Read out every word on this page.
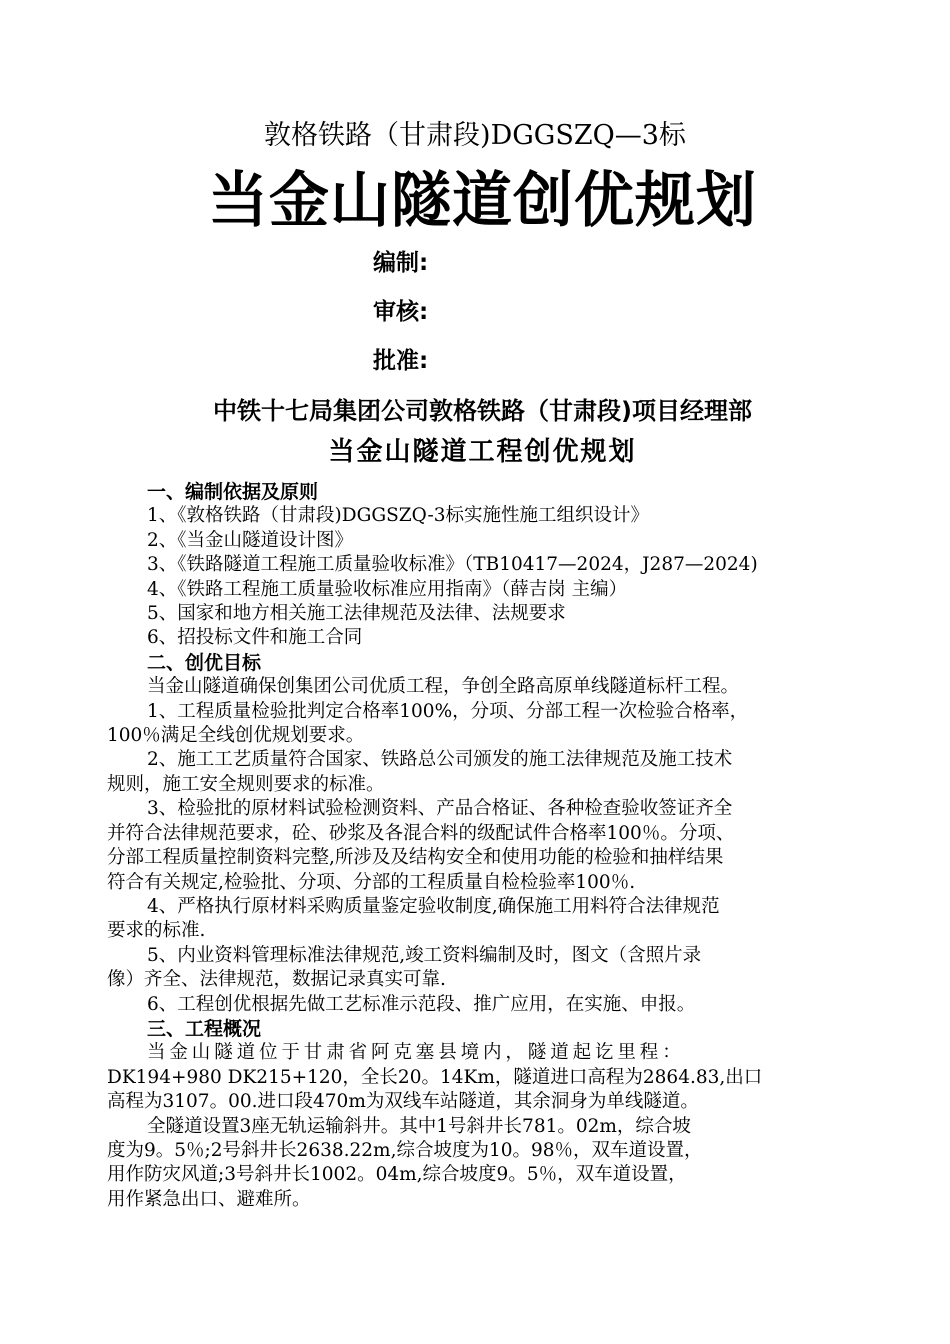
敦格铁路（甘肃段)DGGSZQ—3标
当金山隧道创优规划
编制:
审核:
批准:
中铁十七局集团公司敦格铁路（甘肃段)项目经理部
当金山隧道工程创优规划
一、编制依据及原则
1、《敦格铁路（甘肃段)DGGSZQ-3标实施性施工组织设计》
2、《当金山隧道设计图》
3、《铁路隧道工程施工质量验收标准》（TB10417—2024，J287—2024)
4、《铁路工程施工质量验收标准应用指南》（薛吉岗 主编）
5、国家和地方相关施工法律规范及法律、法规要求
6、招投标文件和施工合同
二、创优目标
当金山隧道确保创集团公司优质工程，争创全路高原单线隧道标杆工程。
1、工程质量检验批判定合格率100%，分项、分部工程一次检验合格率，
100％满足全线创优规划要求。
2、施工工艺质量符合国家、铁路总公司颁发的施工法律规范及施工技术
规则，施工安全规则要求的标准。
3、检验批的原材料试验检测资料、产品合格证、各种检查验收签证齐全
并符合法律规范要求，砼、砂浆及各混合料的级配试件合格率100％。分项、
分部工程质量控制资料完整,所涉及及结构安全和使用功能的检验和抽样结果
符合有关规定,检验批、分项、分部的工程质量自检检验率100％.
4、严格执行原材料采购质量鉴定验收制度,确保施工用料符合法律规范
要求的标准.
5、内业资料管理标准法律规范,竣工资料编制及时，图文（含照片录
像）齐全、法律规范，数据记录真实可靠.
6、工程创优根据先做工艺标准示范段、推广应用，在实施、申报。
三、工程概况
当金山隧道位于甘肃省阿克塞县境内，隧道起讫里程：
DK194+980 DK215+120，全长20。14Km，隧道进口高程为2864.83,出口
高程为3107。00.进口段470m为双线车站隧道，其余洞身为单线隧道。
全隧道设置3座无轨运输斜井。其中1号斜井长781。02m，综合坡
度为9。5％;2号斜井长2638.22m,综合坡度为10。98％，双车道设置，
用作防灾风道;3号斜井长1002。04m,综合坡度9。5％，双车道设置，
用作紧急出口、避难所。
